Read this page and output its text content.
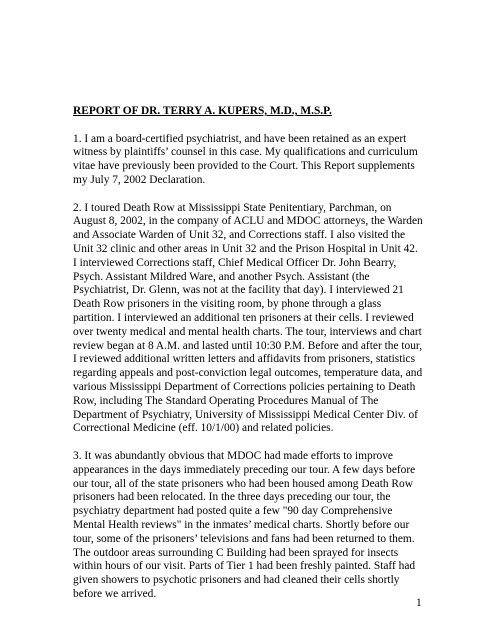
REPORT OF DR. TERRY A. KUPERS, M.D., M.S.P.
1. I am a board-certified psychiatrist, and have been retained as an expert
witness by plaintiffs’ counsel in this case. My qualifications and curriculum
vitae have previously been provided to the Court. This Report supplements
my July 7, 2002 Declaration.
2. I toured Death Row at Mississippi State Penitentiary, Parchman, on
August 8, 2002, in the company of ACLU and MDOC attorneys, the Warden
and Associate Warden of Unit 32, and Corrections staff. I also visited the
Unit 32 clinic and other areas in Unit 32 and the Prison Hospital in Unit 42.
I interviewed Corrections staff, Chief Medical Officer Dr. John Bearry,
Psych. Assistant Mildred Ware, and another Psych. Assistant (the
Psychiatrist, Dr. Glenn, was not at the facility that day). I interviewed 21
Death Row prisoners in the visiting room, by phone through a glass
partition. I interviewed an additional ten prisoners at their cells. I reviewed
over twenty medical and mental health charts. The tour, interviews and chart
review began at 8 A.M. and lasted until 10:30 P.M. Before and after the tour,
I reviewed additional written letters and affidavits from prisoners, statistics
regarding appeals and post-conviction legal outcomes, temperature data, and
various Mississippi Department of Corrections policies pertaining to Death
Row, including The Standard Operating Procedures Manual of The
Department of Psychiatry, University of Mississippi Medical Center Div. of
Correctional Medicine (eff. 10/1/00) and related policies.
3. It was abundantly obvious that MDOC had made efforts to improve
appearances in the days immediately preceding our tour. A few days before
our tour, all of the state prisoners who had been housed among Death Row
prisoners had been relocated. In the three days preceding our tour, the
psychiatry department had posted quite a few "90 day Comprehensive
Mental Health reviews" in the inmates’ medical charts. Shortly before our
tour, some of the prisoners’ televisions and fans had been returned to them.
The outdoor areas surrounding C Building had been sprayed for insects
within hours of our visit. Parts of Tier 1 had been freshly painted. Staff had
given showers to psychotic prisoners and had cleaned their cells shortly
before we arrived.
1
